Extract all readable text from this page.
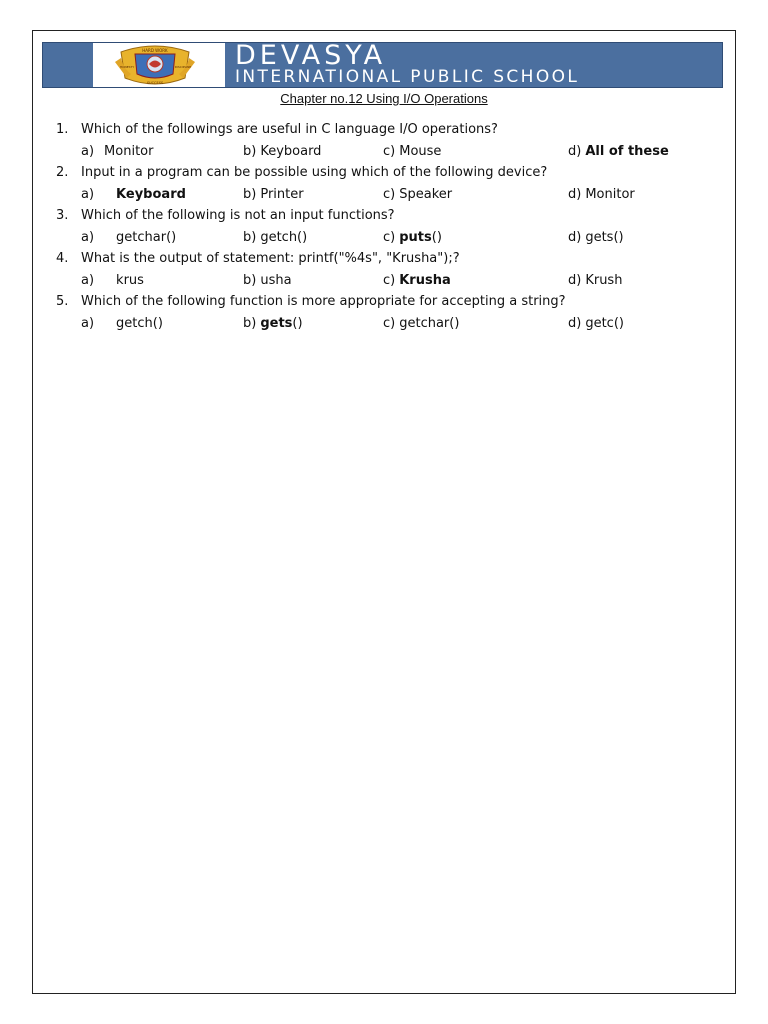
HARD WORK
HONESTY	DISCIPLINE
SUCCESS
DEVASYA
INTERNATIONAL PUBLIC SCHOOL
Chapter no.12 Using I/O Operations
1. Which of the followings are useful in C language I/O operations?
a) Monitor	b) Keyboard	c) Mouse	d) All of these
2. Input in a program can be possible using which of the following device?
a) Keyboard	b) Printer	c) Speaker	d) Monitor
3. Which of the following is not an input functions?
a) getchar()	b) getch()	c) puts()	d) gets()
4. What is the output of statement: printf("%4s", "Krusha");?
a) krus	b) usha	c) Krusha	d) Krush
5. Which of the following function is more appropriate for accepting a string?
a) getch()	b) gets()	c) getchar()	d) getc()
